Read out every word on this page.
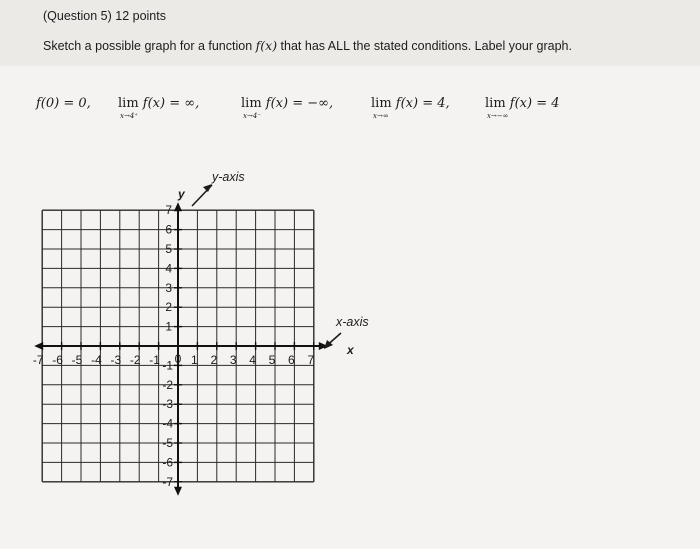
(Question 5) 12 points
Sketch a possible graph for a function f(x) that has ALL the stated conditions. Label your graph.
f(0) = 0, lim
x→4⁺
f(x) = ∞,	lim
x→4⁻
f(x) = −∞,	lim
x→∞
f(x) = 4,	lim
x→−∞
f(x) = 4
-7 -6 -5 -4 -3 -2 -1	1 2 3 4 5 6 7
0
1
2
3
4
5
6
7
-1
-2
-3
-4
-5
-6
-7
y-axis
x-axis
y
x
